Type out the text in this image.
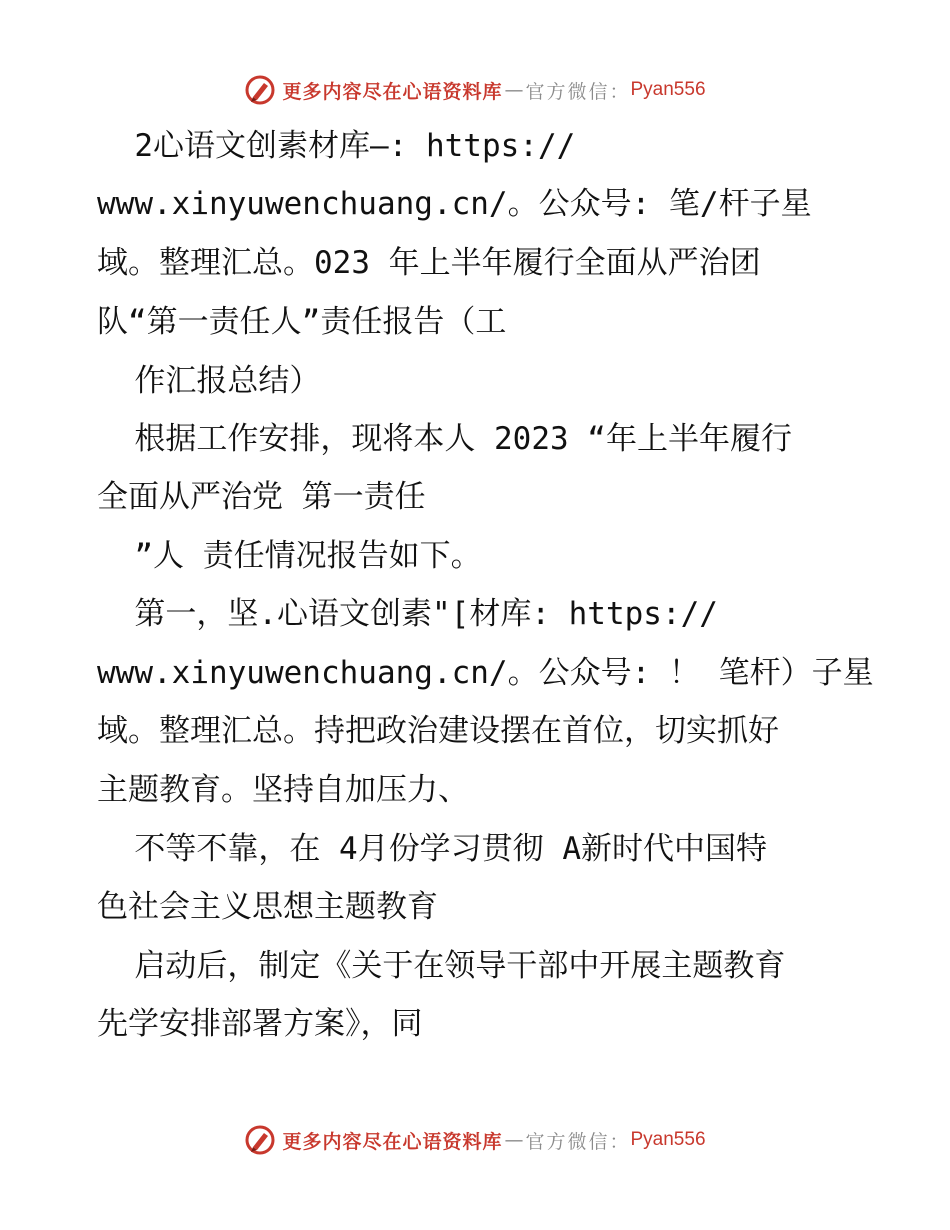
更多内容尽在心语资料库 — 官方微信： Pyan556
2心语文创素材库—: https://
www.xinyuwenchuang.cn/。公众号: 笔/杆子星
域。整理汇总。023 年上半年履行全面从严治团
队“第一责任人”责任报告（工
作汇报总结）
根据工作安排，现将本人 2023 “年上半年履行
全面从严治党 第一责任
”人 责任情况报告如下。
第一，坚.心语文创素"[材库: https://
www.xinyuwenchuang.cn/。公众号: ！ 笔杆）子星
域。整理汇总。持把政治建设摆在首位，切实抓好
主题教育。坚持自加压力、
不等不靠，在 4月份学习贯彻 A新时代中国特
色社会主义思想主题教育
启动后，制定《关于在领导干部中开展主题教育
先学安排部署方案》，同
更多内容尽在心语资料库 — 官方微信： Pyan556
